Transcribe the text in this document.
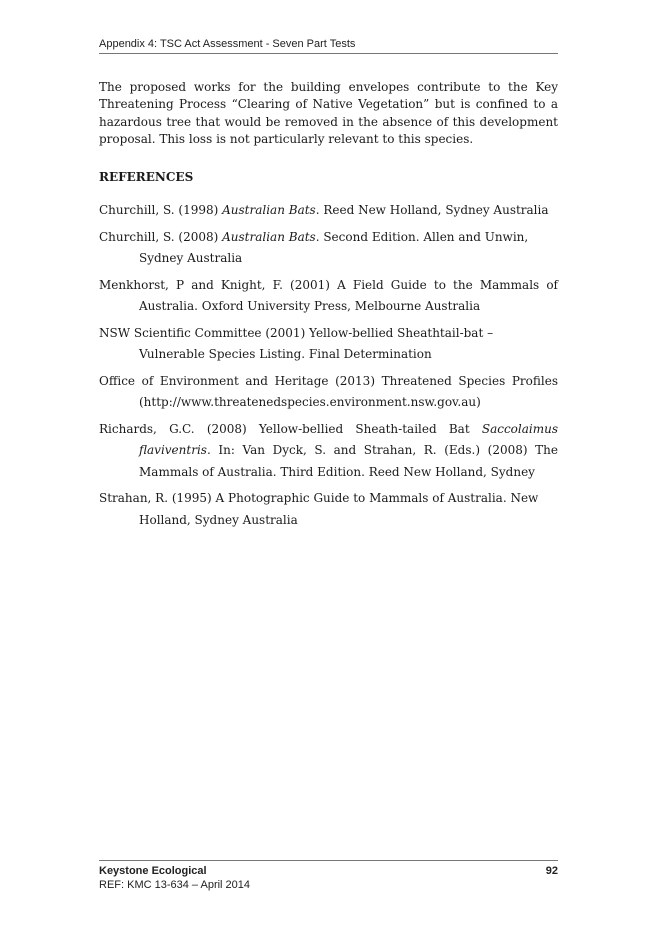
Appendix 4: TSC Act Assessment - Seven Part Tests

The proposed works for the building envelopes contribute to the Key Threatening Process “Clearing of Native Vegetation” but is confined to a hazardous tree that would be removed in the absence of this development proposal. This loss is not particularly relevant to this species.

REFERENCES

Churchill, S. (1998) Australian Bats. Reed New Holland, Sydney Australia

Churchill, S. (2008) Australian Bats. Second Edition. Allen and Unwin, Sydney Australia

Menkhorst, P and Knight, F. (2001) A Field Guide to the Mammals of Australia. Oxford University Press, Melbourne Australia

NSW Scientific Committee (2001) Yellow-bellied Sheathtail-bat – Vulnerable Species Listing. Final Determination

Office of Environment and Heritage (2013) Threatened Species Profiles (http://www.threatenedspecies.environment.nsw.gov.au)

Richards, G.C. (2008) Yellow-bellied Sheath-tailed Bat Saccolaimus flaviventris. In: Van Dyck, S. and Strahan, R. (Eds.) (2008) The Mammals of Australia. Third Edition. Reed New Holland, Sydney

Strahan, R. (1995) A Photographic Guide to Mammals of Australia. New Holland, Sydney Australia

Keystone Ecological
REF: KMC 13-634 – April 2014
92
